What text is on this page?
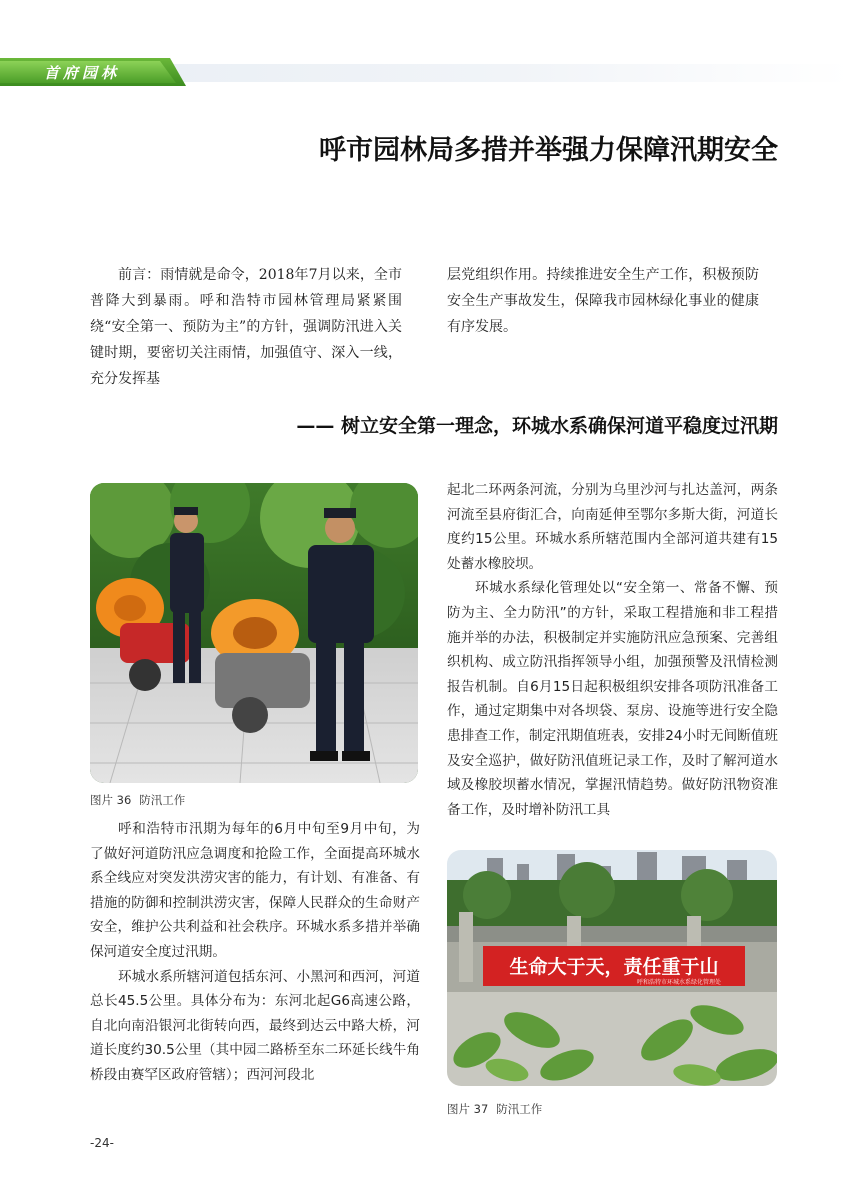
首府园林
呼市园林局多措并举强力保障汛期安全

前言：雨情就是命令，2018年7月以来，全市普降大到暴雨。呼和浩特市园林管理局紧紧围绕“安全第一、预防为主”的方针，强调防汛进入关键时期，要密切关注雨情，加强值守、深入一线，充分发挥基

层党组织作用。持续推进安全生产工作，积极预防安全生产事故发生，保障我市园林绿化事业的健康有序发展。

—— 树立安全第一理念，环城水系确保河道平稳度过汛期
图片 36 防汛工作

呼和浩特市汛期为每年的6月中旬至9月中旬，为了做好河道防汛应急调度和抢险工作，全面提高环城水系全线应对突发洪涝灾害的能力，有计划、有准备、有措施的防御和控制洪涝灾害，保障人民群众的生命财产安全，维护公共利益和社会秩序。环城水系多措并举确保河道安全度过汛期。

环城水系所辖河道包括东河、小黑河和西河，河道总长45.5公里。具体分布为：东河北起G6高速公路，自北向南沿银河北街转向西，最终到达云中路大桥，河道长度约30.5公里（其中园二路桥至东二环延长线牛角桥段由赛罕区政府管辖）；西河河段北

起北二环两条河流，分别为乌里沙河与扎达盖河，两条河流至县府街汇合，向南延伸至鄂尔多斯大街，河道长度约15公里。环城水系所辖范围内全部河道共建有15处蓄水橡胶坝。

环城水系绿化管理处以“安全第一、常备不懈、预防为主、全力防汛”的方针，采取工程措施和非工程措施并举的办法，积极制定并实施防汛应急预案、完善组织机构、成立防汛指挥领导小组，加强预警及汛情检测报告机制。自6月15日起积极组织安排各项防汛准备工作，通过定期集中对各坝袋、泵房、设施等进行安全隐患排查工作，制定汛期值班表，安排24小时无间断值班及安全巡护，做好防汛值班记录工作，及时了解河道水域及橡胶坝蓄水情况，掌握汛情趋势。做好防汛物资准备工作，及时增补防汛工具

生命大于天，责任重于山
呼和浩特市环城水系绿化管理处
图片 37 防汛工作
-24-
